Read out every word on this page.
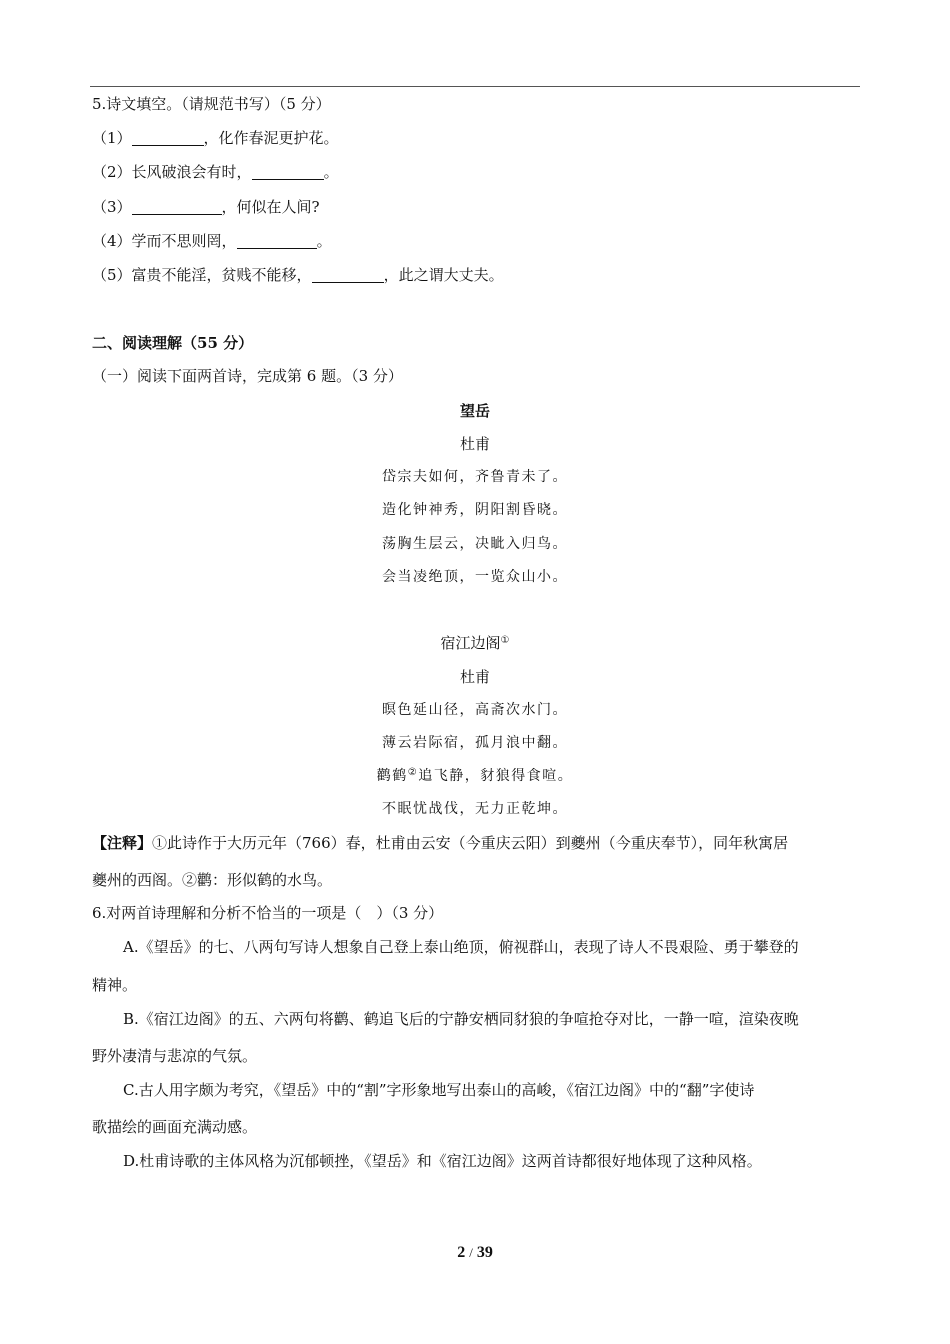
5.诗文填空。（请规范书写）（5 分）
（1）	，化作春泥更护花。
（2）长风破浪会有时，	。
（3）	，何似在人间?
（4）学而不思则罔，	。
（5）富贵不能淫，贫贱不能移，	，此之谓大丈夫。
二、阅读理解（55 分）
（一）阅读下面两首诗，完成第 6 题。（3 分）
望岳
杜甫
岱宗夫如何，齐鲁青未了。
造化钟神秀，阴阳割昏晓。
荡胸生层云，决眦入归鸟。
会当凌绝顶，一览众山小。
宿江边阁①
杜甫
暝色延山径，高斋次水门。
薄云岩际宿，孤月浪中翻。
鹳鹤②追飞静，豺狼得食喧。
不眠忧战伐，无力正乾坤。
【注释】①此诗作于大历元年（766）春，杜甫由云安（今重庆云阳）到夔州（今重庆奉节），同年秋寓居
夔州的西阁。②鹳：形似鹤的水鸟。
6.对两首诗理解和分析不恰当的一项是（　）（3 分）
A.《望岳》的七、八两句写诗人想象自己登上泰山绝顶，俯视群山，表现了诗人不畏艰险、勇于攀登的
精神。
B.《宿江边阁》的五、六两句将鹳、鹤追飞后的宁静安栖同豺狼的争喧抢夺对比，一静一喧，渲染夜晚
野外凄清与悲凉的气氛。
C.古人用字颇为考究，《望岳》中的“割”字形象地写出泰山的高峻，《宿江边阁》中的“翻”字使诗
歌描绘的画面充满动感。
D.杜甫诗歌的主体风格为沉郁顿挫，《望岳》和《宿江边阁》这两首诗都很好地体现了这种风格。
2 / 39
